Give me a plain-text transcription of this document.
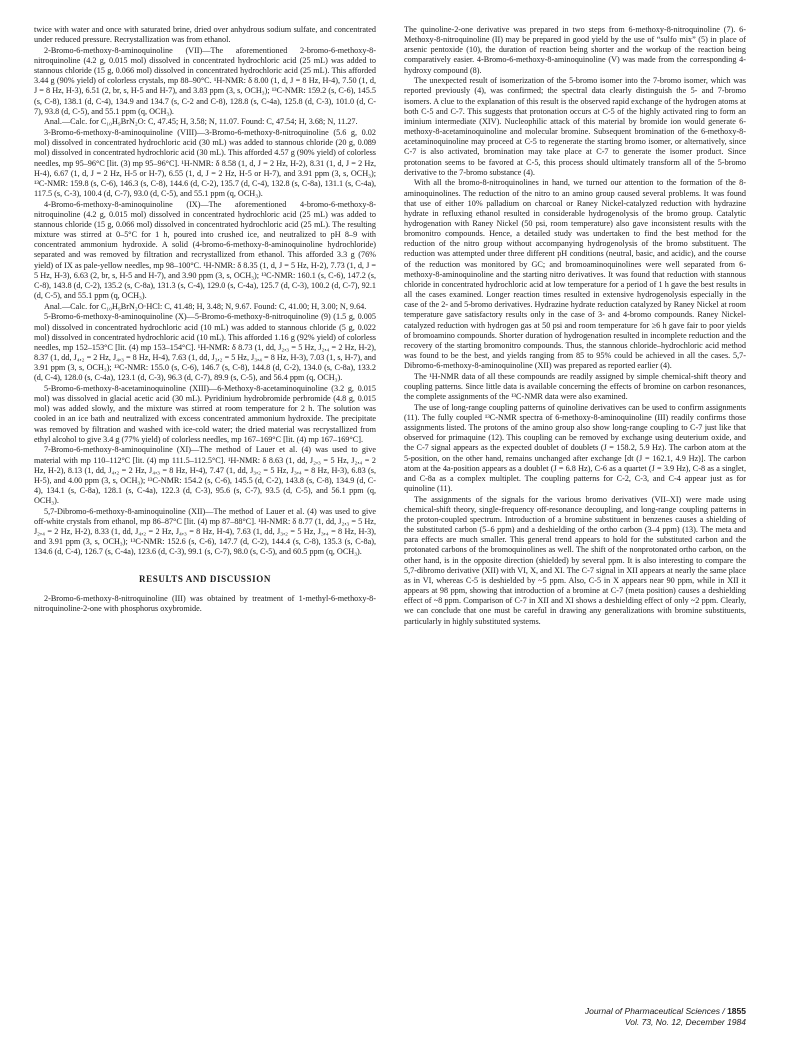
twice with water and once with saturated brine, dried over anhydrous sodium sulfate, and concentrated under reduced pressure. Recrystallization was from ethanol.

2-Bromo-6-methoxy-8-aminoquinoline (VII)—The aforementioned 2-bromo-6-methoxy-8-nitroquinoline (4.2 g, 0.015 mol) dissolved in concentrated hydrochloric acid (25 mL) was added to stannous chloride (15 g, 0.066 mol) dissolved in concentrated hydrochloric acid (25 mL). This afforded 3.44 g (90% yield) of colorless crystals, mp 88–90°C. ¹H-NMR: δ 8.00 (1, d, J = 8 Hz, H-4), 7.50 (1, d, J = 8 Hz, H-3), 6.51 (2, br, s, H-5 and H-7), and 3.83 ppm (3, s, OCH₃); ¹³C-NMR: 159.2 (s, C-6), 145.5 (s, C-8), 138.1 (d, C-4), 134.9 and 134.7 (s, C-2 and C-8), 128.8 (s, C-4a), 125.8 (d, C-3), 101.0 (d, C-7), 93.8 (d, C-5), and 55.1 ppm (q, OCH₃).

Anal.—Calc. for C₁₀H₉BrN₂O: C, 47.45; H, 3.58; N, 11.07. Found: C, 47.54; H, 3.68; N, 11.27.

3-Bromo-6-methoxy-8-aminoquinoline (VIII)—3-Bromo-6-methoxy-8-nitroquinoline (5.6 g, 0.02 mol) dissolved in concentrated hydrochloric acid (30 mL) was added to stannous chloride (20 g, 0.089 mol) dissolved in concentrated hydrochloric acid (30 mL). This afforded 4.57 g (90% yield) of colorless needles, mp 95–96°C [lit. (3) mp 95–96°C]. ¹H-NMR: δ 8.58 (1, d, J = 2 Hz, H-2), 8.31 (1, d, J = 2 Hz, H-4), 6.67 (1, d, J = 2 Hz, H-5 or H-7), 6.55 (1, d, J = 2 Hz, H-5 or H-7), and 3.91 ppm (3, s, OCH₃); ¹³C-NMR: 159.8 (s, C-6), 146.3 (s, C-8), 144.6 (d, C-2), 135.7 (d, C-4), 132.8 (s, C-8a), 131.1 (s, C-4a), 117.5 (s, C-3), 100.4 (d, C-7), 93.0 (d, C-5), and 55.1 ppm (q, OCH₃).

4-Bromo-6-methoxy-8-aminoquinoline (IX)—The aforementioned 4-bromo-6-methoxy-8-nitroquinoline (4.2 g, 0.015 mol) dissolved in concentrated hydrochloric acid (25 mL) was added to stannous chloride (15 g, 0.066 mol) dissolved in concentrated hydrochloric acid (25 mL). The resulting mixture was stirred at 0–5°C for 1 h, poured into crushed ice, and neutralized to pH 8–9 with concentrated ammonium hydroxide. A solid (4-bromo-6-methoxy-8-aminoquinoline hydrochloride) separated and was removed by filtration and recrystallized from ethanol. This afforded 3.3 g (76% yield) of IX as pale-yellow needles, mp 98–100°C. ¹H-NMR: δ 8.35 (1, d, J = 5 Hz, H-2), 7.73 (1, d, J = 5 Hz, H-3), 6.63 (2, br, s, H-5 and H-7), and 3.90 ppm (3, s, OCH₃); ¹³C-NMR: 160.1 (s, C-6), 147.2 (s, C-8), 143.8 (d, C-2), 135.2 (s, C-8a), 131.3 (s, C-4), 129.0 (s, C-4a), 125.7 (d, C-3), 100.2 (d, C-7), 92.1 (d, C-5), and 55.1 ppm (q, OCH₃).

Anal.—Calc. for C₁₀H₉BrN₂O·HCl: C, 41.48; H, 3.48; N, 9.67. Found: C, 41.00; H, 3.00; N, 9.64.

5-Bromo-6-methoxy-8-aminoquinoline (X)—5-Bromo-6-methoxy-8-nitroquinoline (9) (1.5 g, 0.005 mol) dissolved in concentrated hydrochloric acid (10 mL) was added to stannous chloride (5 g, 0.022 mol) dissolved in concentrated hydrochloric acid (10 mL). This afforded 1.16 g (92% yield) of colorless needles, mp 152–153°C [lit. (4) mp 153–154°C]. ¹H-NMR: δ 8.73 (1, dd, J₂,₃ = 5 Hz, J₂,₄ = 2 Hz, H-2), 8.37 (1, dd, J₄,₂ = 2 Hz, J₄,₃ = 8 Hz, H-4), 7.63 (1, dd, J₃,₂ = 5 Hz, J₃,₄ = 8 Hz, H-3), 7.03 (1, s, H-7), and 3.91 ppm (3, s, OCH₃); ¹³C-NMR: 155.0 (s, C-6), 146.7 (s, C-8), 144.8 (d, C-2), 134.0 (s, C-8a), 133.2 (d, C-4), 128.0 (s, C-4a), 123.1 (d, C-3), 96.3 (d, C-7), 89.9 (s, C-5), and 56.4 ppm (q, OCH₃).

5-Bromo-6-methoxy-8-acetaminoquinoline (XIII)—6-Methoxy-8-acetaminoquinoline (3.2 g, 0.015 mol) was dissolved in glacial acetic acid (30 mL). Pyridinium hydrobromide perbromide (4.8 g, 0.015 mol) was added slowly, and the mixture was stirred at room temperature for 2 h. The solution was cooled in an ice bath and neutralized with excess concentrated ammonium hydroxide. The precipitate was removed by filtration and washed with ice-cold water; the dried material was recrystallized from ethyl alcohol to give 3.4 g (77% yield) of colorless needles, mp 167–169°C [lit. (4) mp 167–169°C].

7-Bromo-6-methoxy-8-aminoquinoline (XI)—The method of Lauer et al. (4) was used to give material with mp 110–112°C [lit. (4) mp 111.5–112.5°C]. ¹H-NMR: δ 8.63 (1, dd, J₂,₃ = 5 Hz, J₂,₄ = 2 Hz, H-2), 8.13 (1, dd, J₄,₂ = 2 Hz, J₄,₃ = 8 Hz, H-4), 7.47 (1, dd, J₃,₂ = 5 Hz, J₃,₄ = 8 Hz, H-3), 6.83 (s, H-5), and 4.00 ppm (3, s, OCH₃); ¹³C-NMR: 154.2 (s, C-6), 145.5 (d, C-2), 143.8 (s, C-8), 134.9 (d, C-4), 134.1 (s, C-8a), 128.1 (s, C-4a), 122.3 (d, C-3), 95.6 (s, C-7), 93.5 (d, C-5), and 56.1 ppm (q, OCH₃).

5,7-Dibromo-6-methoxy-8-aminoquinoline (XII)—The method of Lauer et al. (4) was used to give off-white crystals from ethanol, mp 86–87°C [lit. (4) mp 87–88°C]. ¹H-NMR: δ 8.77 (1, dd, J₂,₃ = 5 Hz, J₂,₄ = 2 Hz, H-2), 8.33 (1, dd, J₄,₂ = 2 Hz, J₄,₃ = 8 Hz, H-4), 7.63 (1, dd, J₃,₂ = 5 Hz, J₃,₄ = 8 Hz, H-3), and 3.91 ppm (3, s, OCH₃); ¹³C-NMR: 152.6 (s, C-6), 147.7 (d, C-2), 144.4 (s, C-8), 135.3 (s, C-8a), 134.6 (d, C-4), 126.7 (s, C-4a), 123.6 (d, C-3), 99.1 (s, C-7), 98.0 (s, C-5), and 60.5 ppm (q, OCH₃).

RESULTS AND DISCUSSION

2-Bromo-6-methoxy-8-nitroquinoline (III) was obtained by treatment of 1-methyl-6-methoxy-8-nitroquinoline-2-one with phosphorus oxybromide.

The quinoline-2-one derivative was prepared in two steps from 6-methoxy-8-nitroquinoline (7). 6-Methoxy-8-nitroquinoline (II) may be prepared in good yield by the use of “sulfo mix” (5) in place of arsenic pentoxide (10), the duration of reaction being shorter and the workup of the reaction being comparatively easier. 4-Bromo-6-methoxy-8-aminoquinoline (V) was made from the corresponding 4-hydroxy compound (8).

The unexpected result of isomerization of the 5-bromo isomer into the 7-bromo isomer, which was reported previously (4), was confirmed; the spectral data clearly distinguish the 5- and 7-bromo isomers. A clue to the explanation of this result is the observed rapid exchange of the hydrogen atoms at both C-5 and C-7. This suggests that protonation occurs at C-5 of the highly activated ring to form an iminium intermediate (XIV). Nucleophilic attack of this material by bromide ion would generate 6-methoxy-8-acetaminoquinoline and molecular bromine. Subsequent bromination of the 6-methoxy-8-acetaminoquinoline may proceed at C-5 to regenerate the starting bromo isomer, or alternatively, since C-7 is also activated, bromination may take place at C-7 to generate the isomer product. Since protonation seems to be favored at C-5, this process should ultimately transform all of the 5-bromo derivative to the 7-bromo substance (4).

With all the bromo-8-nitroquinolines in hand, we turned our attention to the formation of the 8-aminoquinolines. The reduction of the nitro to an amino group caused several problems. It was found that use of either 10% palladium on charcoal or Raney Nickel-catalyzed reduction with hydrazine hydrate in refluxing ethanol resulted in considerable hydrogenolysis of the bromo group. Catalytic hydrogenation with Raney Nickel (50 psi, room temperature) also gave inconsistent results with the bromonitro compounds. Hence, a detailed study was undertaken to find the best method for the reduction of the nitro group without accompanying hydrogenolysis of the bromo substituent. The reduction was attempted under three different pH conditions (neutral, basic, and acidic), and the course of the reduction was monitored by GC; and bromoaminoquinolines were well separated from 6-methoxy-8-aminoquinoline and the starting nitro derivatives. It was found that reduction with stannous chloride in concentrated hydrochloric acid at low temperature for a period of 1 h gave the best results in all the cases examined. Longer reaction times resulted in extensive hydrogenolysis especially in the case of the 2- and 5-bromo derivatives. Hydrazine hydrate reduction catalyzed by Raney Nickel at room temperature gave satisfactory results only in the case of 3- and 4-bromo compounds. Raney Nickel-catalyzed reduction with hydrogen gas at 50 psi and room temperature for ≥6 h gave fair to poor yields of bromoamino compounds. Shorter duration of hydrogenation resulted in incomplete reduction and the recovery of the starting bromonitro compounds. Thus, the stannous chloride–hydrochloric acid method was found to be the best, and yields ranging from 85 to 95% could be achieved in all the cases. 5,7-Dibromo-6-methoxy-8-aminoquinoline (XII) was prepared as reported earlier (4).

The ¹H-NMR data of all these compounds are readily assigned by simple chemical-shift theory and coupling patterns. Since little data is available concerning the effects of bromine on carbon resonances, the complete assignments of the ¹³C-NMR data were also examined.

The use of long-range coupling patterns of quinoline derivatives can be used to confirm assignments (11). The fully coupled ¹³C-NMR spectra of 6-methoxy-8-aminoquinoline (III) readily confirms those assignments listed. The protons of the amino group also show long-range coupling to C-7 just like that observed for primaquine (12). This coupling can be removed by exchange using deuterium oxide, and the C-7 signal appears as the expected doublet of doublets (J = 158.2, 5.9 Hz). The carbon atom at the 5-position, on the other hand, remains unchanged after exchange [dt (J = 162.1, 4.9 Hz)]. The carbon atom at the 4a-position appears as a doublet (J = 6.8 Hz), C-6 as a quartet (J = 3.9 Hz), C-8 as a singlet, and C-8a as a complex multiplet. The coupling patterns for C-2, C-3, and C-4 appear just as for quinoline (11).

The assignments of the signals for the various bromo derivatives (VII–XI) were made using chemical-shift theory, single-frequency off-resonance decoupling, and long-range coupling patterns in the proton-coupled spectrum. Introduction of a bromine substituent in benzenes causes a shielding of the substituted carbon (5–6 ppm) and a deshielding of the ortho carbon (3–4 ppm) (13). The meta and para effects are much smaller. This general trend appears to hold for the substituted carbon and the protonated carbons of the bromoquinolines as well. The shift of the nonprotonated ortho carbon, on the other hand, is in the opposite direction (shielded) by several ppm. It is also interesting to compare the 5,7-dibromo derivative (XII) with VI, X, and XI. The C-7 signal in XII appears at nearly the same place as in VI, whereas C-5 is deshielded by ~5 ppm. Also, C-5 in X appears near 90 ppm, while in XII it appears at 98 ppm, showing that introduction of a bromine at C-7 (meta position) causes a deshielding effect of ~8 ppm. Comparison of C-7 in XII and XI shows a deshielding effect of only ~2 ppm. Clearly, we can conclude that one must be careful in drawing any generalizations with bromine substituents, particularly in highly substituted systems.

Journal of Pharmaceutical Sciences / 1855
Vol. 73, No. 12, December 1984
